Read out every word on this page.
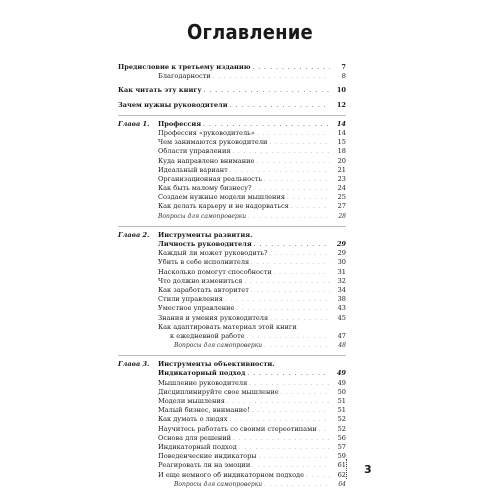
Оглавление
Предисловие к третьему изданию . . .	7
Благодарности . . .	8
Как читать эту книгу . . .	10
Зачем нужны руководители . . .	12
Глава 1.	Профессия . . .	14
Профессия «руководитель» . . .	14
Чем занимаются руководители . . .	15
Области управления . . .	18
Куда направлено внимание . . .	20
Идеальный вариант . . .	21
Организационная реальность . . .	23
Как быть малому бизнесу? . . .	24
Создаем нужные модели мышления . . .	25
Как делать карьеру и не надорваться . . .	27
Вопросы для самопроверки . . .	28
Глава 2.	Инструменты развития.
Личность руководителя . . .	29
Каждый ли может руководить? . . .	29
Убить в себе исполнителя . . .	30
Насколько помогут способности . . .	31
Что должно измениться . . .	32
Как заработать авторитет . . .	34
Стили управления . . .	38
Уместное управление . . .	43
Знания и умения руководителя . . .	45
Как адаптировать материал этой книги
к ежедневной работе . . .	47
Вопросы для самопроверки . . .	48
Глава 3.	Инструменты объективности.
Индикаторный подход . . .	49
Мышление руководителя . . .	49
Дисциплинируйте свое мышление . . .	50
Модели мышления . . .	51
Малый бизнес, внимание! . . .	51
Как думать о людях . . .	52
Научитесь работать со своими стереотипами . . .	52
Основа для решений . . .	56
Индикаторный подход . . .	57
Поведенческие индикаторы . . .	59
Реагировать ли на эмоции . . .	61
И еще немного об индикаторном подходе . . .	62
Вопросы для самопроверки . . .	64
3
